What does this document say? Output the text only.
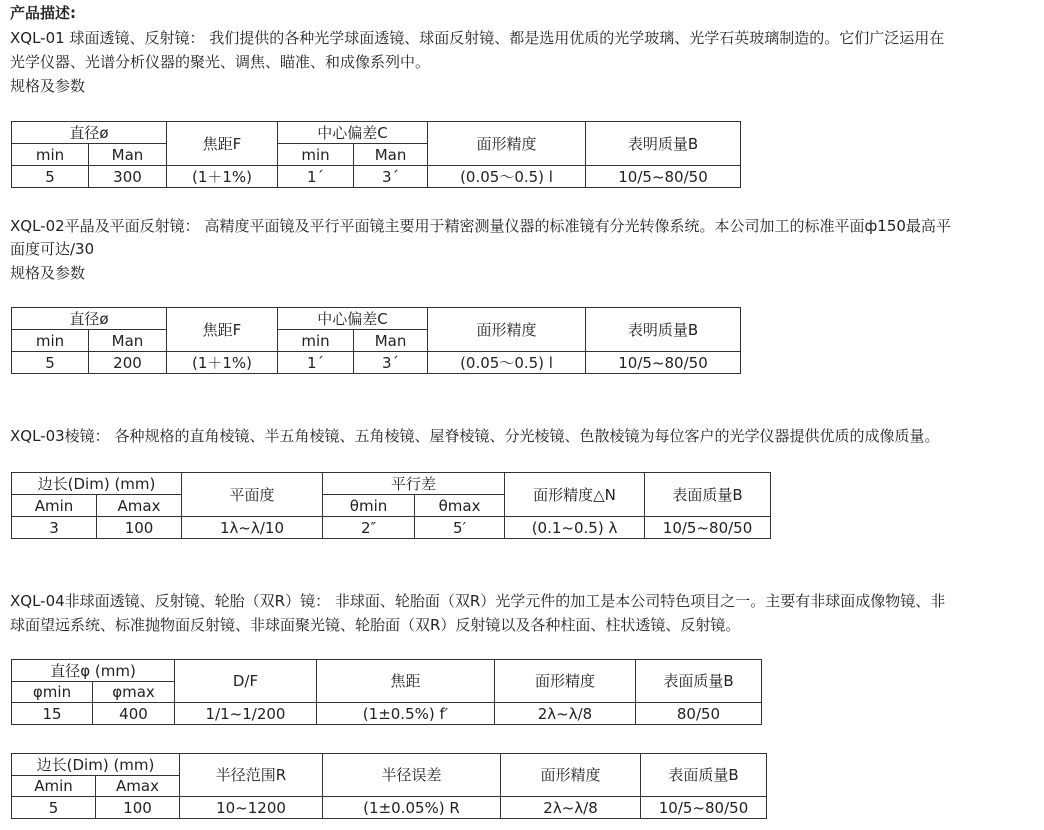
产品描述:
XQL-01 球面透镜、反射镜： 我们提供的各种光学球面透镜、球面反射镜、都是选用优质的光学玻璃、光学石英玻璃制造的。它们广泛运用在
光学仪器、光谱分析仪器的聚光、调焦、瞄准、和成像系列中。
规格及参数
直径ø		焦距F	中心偏差C		面形精度	表明质量B
min	Man		min	Man		
5	300	(1＋1%)	1´	3´	(0.05～0.5) l	10/5~80/50
XQL-02平晶及平面反射镜： 高精度平面镜及平行平面镜主要用于精密测量仪器的标准镜有分光转像系统。本公司加工的标准平面ф150最高平
面度可达/30
规格及参数
直径ø		焦距F	中心偏差C		面形精度	表明质量B
min	Man		min	Man		
5	200	(1＋1%)	1´	3´	(0.05～0.5) l	10/5~80/50
XQL-03棱镜： 各种规格的直角棱镜、半五角棱镜、五角棱镜、屋脊棱镜、分光棱镜、色散棱镜为每位客户的光学仪器提供优质的成像质量。
边长(Dim) (mm)		平面度	平行差		面形精度△N	表面质量B
Amin	Amax		θmin	θmax		
3	100	1λ~λ/10	2″	5′	(0.1~0.5) λ	10/5~80/50
XQL-04非球面透镜、反射镜、轮胎（双R）镜： 非球面、轮胎面（双R）光学元件的加工是本公司特色项目之一。主要有非球面成像物镜、非
球面望远系统、标准抛物面反射镜、非球面聚光镜、轮胎面（双R）反射镜以及各种柱面、柱状透镜、反射镜。
直径φ (mm)		D/F	焦距	面形精度	表面质量B
φmin	φmax				
15	400	1/1~1/200	(1±0.5%) f′	2λ~λ/8	80/50
边长(Dim) (mm)		半径范围R	半径误差	面形精度	表面质量B
Amin	Amax				
5	100	10~1200	(1±0.05%) R	2λ~λ/8	10/5~80/50
